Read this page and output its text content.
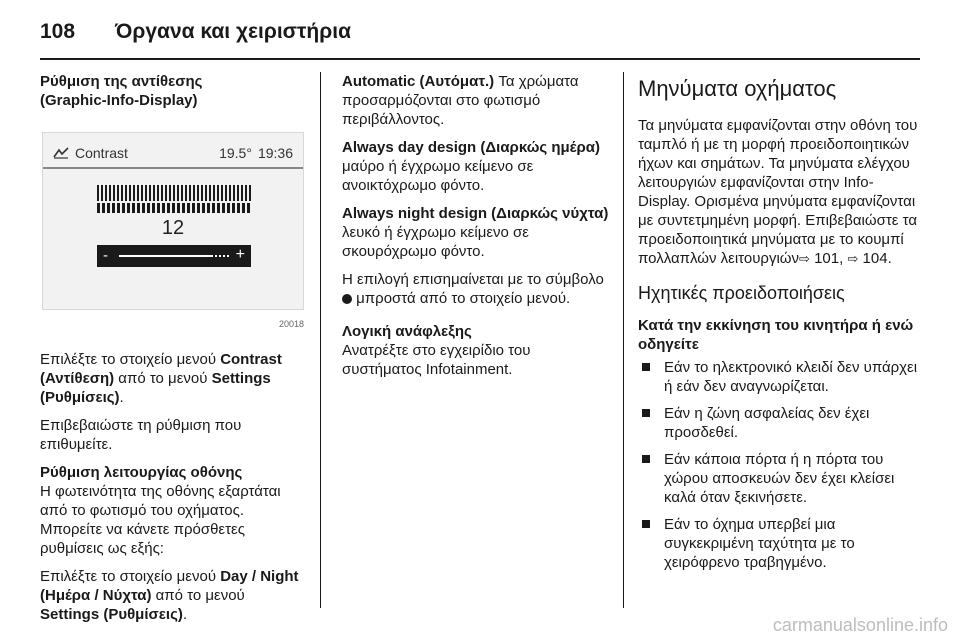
108 Όργανα και χειριστήρια
Ρύθμιση της αντίθεσης
(Graphic-Info-Display)
Contrast	19.5° 19:36
12
-	+
20018

Επιλέξτε το στοιχείο μενού Contrast (Αντίθεση) από το μενού Settings (Ρυθμίσεις).

Επιβεβαιώστε τη ρύθμιση που επιθυμείτε.

Ρύθμιση λειτουργίας οθόνης

Η φωτεινότητα της οθόνης εξαρτάται από το φωτισμό του οχήματος. Μπορείτε να κάνετε πρόσθετες ρυθμίσεις ως εξής:

Επιλέξτε το στοιχείο μενού Day / Night (Ημέρα / Νύχτα) από το μενού Settings (Ρυθμίσεις).

Automatic (Αυτόματ.) Τα χρώματα προσαρμόζονται στο φωτισμό περιβάλλοντος.

Always day design (Διαρκώς ημέρα) μαύρο ή έγχρωμο κείμενο σε ανοικτόχρωμο φόντο.

Always night design (Διαρκώς νύχτα) λευκό ή έγχρωμο κείμενο σε σκουρόχρωμο φόντο.

Η επιλογή επισημαίνεται με το σύμβολο  μπροστά από το στοιχείο μενού.

Λογική ανάφλεξης

Ανατρέξτε στο εγχειρίδιο του συστήματος Infotainment.

Μηνύματα οχήματος

Τα μηνύματα εμφανίζονται στην οθόνη του ταμπλό ή με τη μορφή προειδοποιητικών ήχων και σημάτων. Τα μηνύματα ελέγχου λειτουργιών εμφανίζονται στην Info-Display. Ορισμένα μηνύματα εμφανίζονται με συντετμημένη μορφή. Επιβεβαιώστε τα προειδοποιητικά μηνύματα με το κουμπί πολλαπλών λειτουργιών⇨ 101, ⇨ 104.

Ηχητικές προειδοποιήσεις
Κατά την εκκίνηση του κινητήρα ή ενώ οδηγείτε
Εάν το ηλεκτρονικό κλειδί δεν υπάρχει ή εάν δεν αναγνωρίζεται.
Εάν η ζώνη ασφαλείας δεν έχει προσδεθεί.
Εάν κάποια πόρτα ή η πόρτα του χώρου αποσκευών δεν έχει κλείσει καλά όταν ξεκινήσετε.
Εάν το όχημα υπερβεί μια συγκεκριμένη ταχύτητα με το χειρόφρενο τραβηγμένο.
carmanualsonline.info
